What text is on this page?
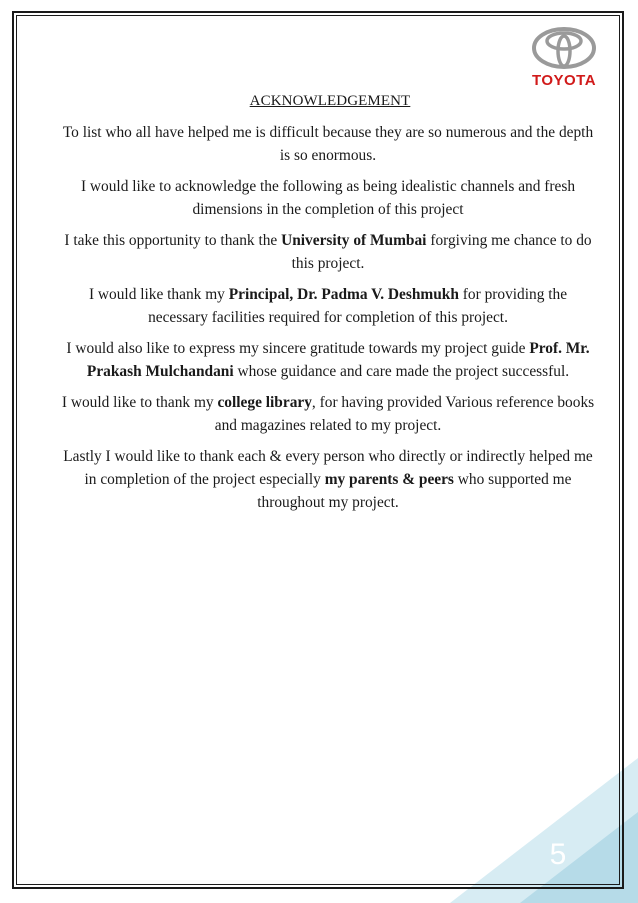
TOYOTA
ACKNOWLEDGEMENT

To list who all have helped me is difficult because they are so numerous and the depth is so enormous.

I would like to acknowledge the following as being idealistic channels and fresh dimensions in the completion of this project

I take this opportunity to thank the University of Mumbai forgiving me chance to do this project.

I would like thank my Principal, Dr. Padma V. Deshmukh for providing the necessary facilities required for completion of this project.

I would also like to express my sincere gratitude towards my project guide Prof. Mr. Prakash Mulchandani whose guidance and care made the project successful.

I would like to thank my college library, for having provided Various reference books and magazines related to my project.

Lastly I would like to thank each & every person who directly or indirectly helped me in completion of the project especially my parents & peers who supported me throughout my project.

5
